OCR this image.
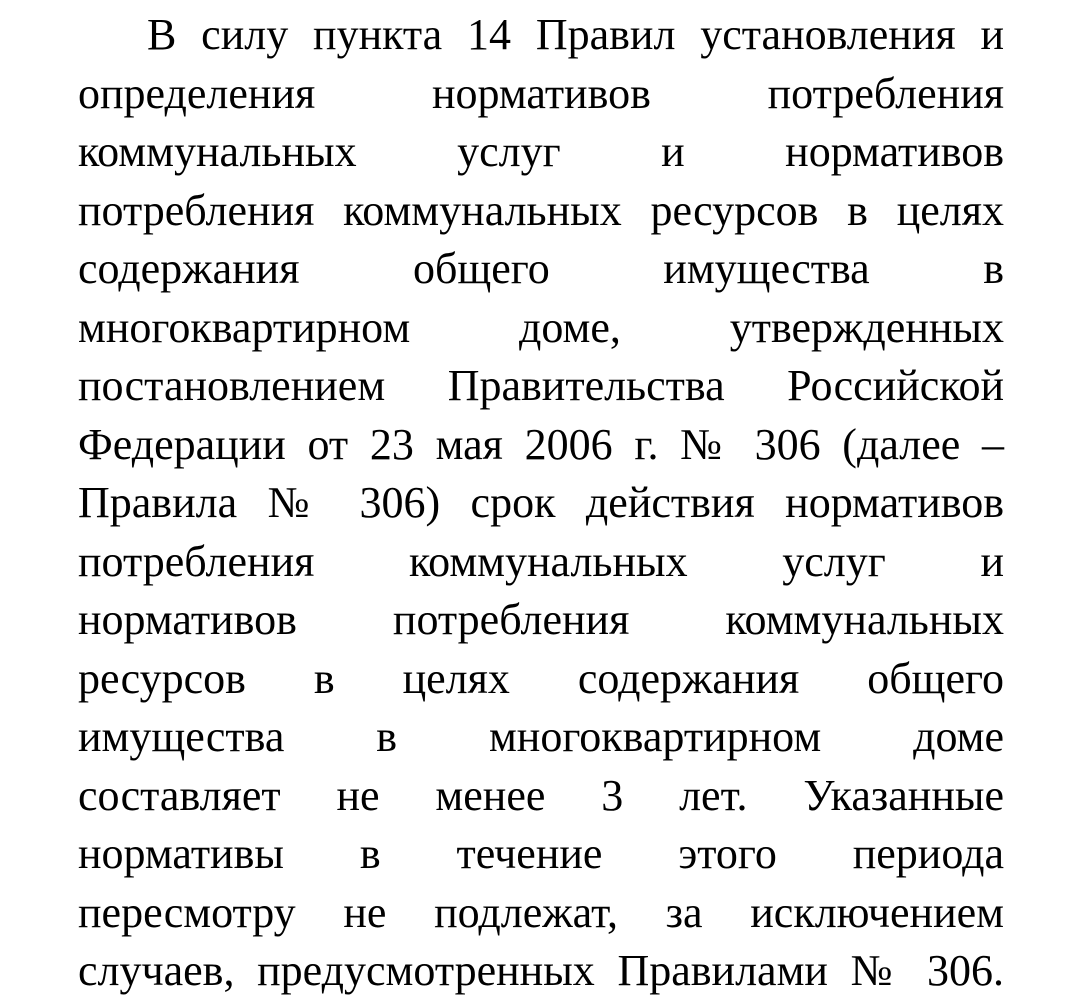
В силу пункта 14 Правил установления и
определения нормативов потребления
коммунальных услуг и нормативов
потребления коммунальных ресурсов в целях
содержания общего имущества в
многоквартирном доме, утвержденных
постановлением Правительства Российской
Федерации от 23 мая 2006 г. № 306 (далее –
Правила № 306) срок действия нормативов
потребления коммунальных услуг и
нормативов потребления коммунальных
ресурсов в целях содержания общего
имущества в многоквартирном доме
составляет не менее 3 лет. Указанные
нормативы в течение этого периода
пересмотру не подлежат, за исключением
случаев, предусмотренных Правилами № 306.
